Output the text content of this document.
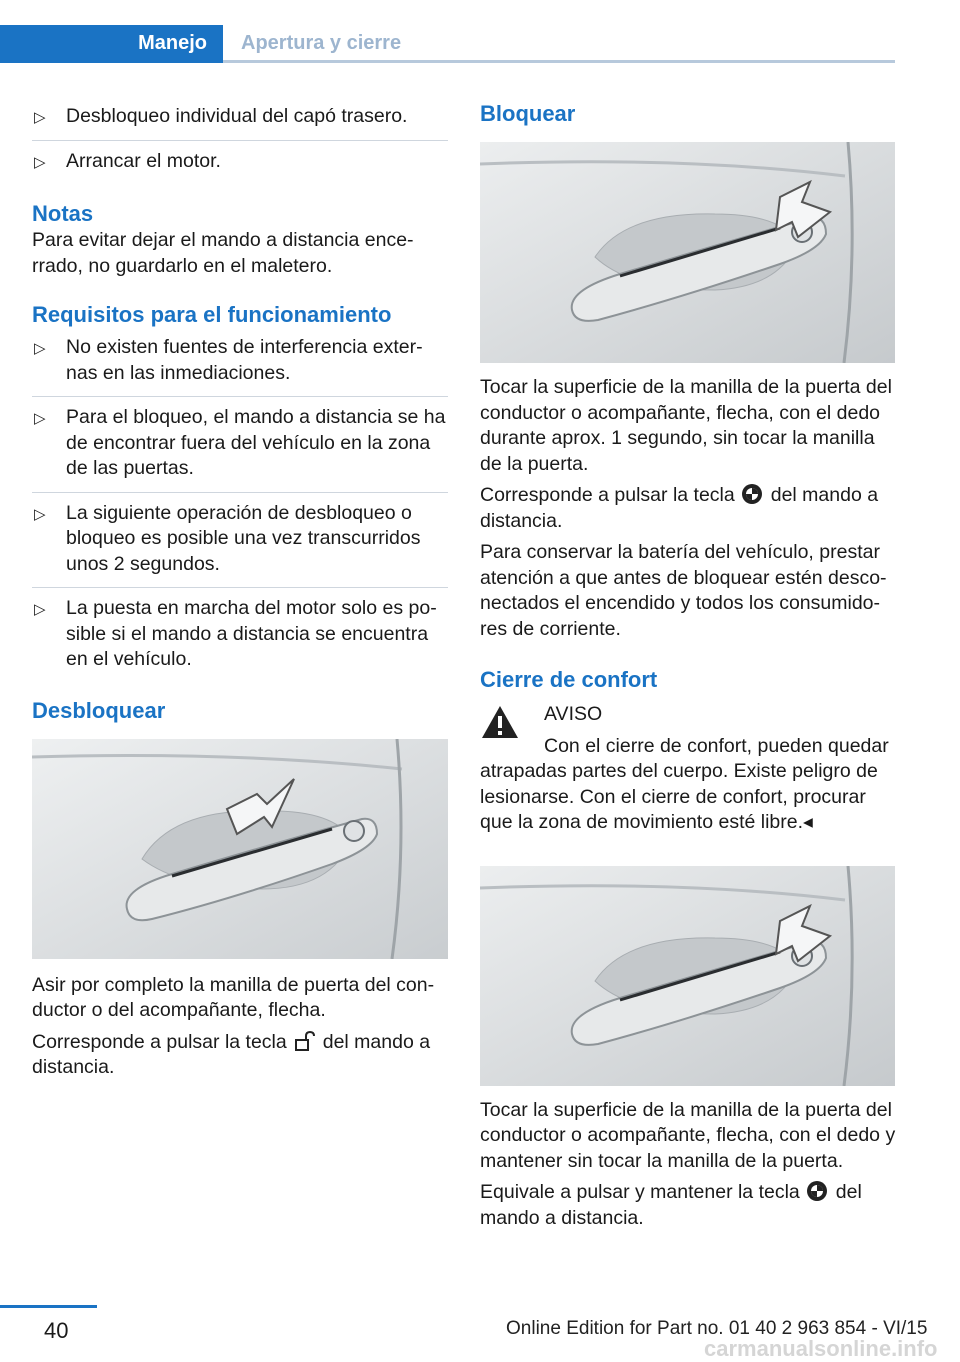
Manejo	Apertura y cierre
▷ Desbloqueo individual del capó trasero.
▷ Arrancar el motor.
Notas

Para evitar dejar el mando a distancia ence-rrado, no guardarlo en el maletero.

Requisitos para el funcionamiento
▷ No existen fuentes de interferencia exter-nas en las inmediaciones.
▷ Para el bloqueo, el mando a distancia se ha de encontrar fuera del vehículo en la zona de las puertas.
▷ La siguiente operación de desbloqueo o bloqueo es posible una vez transcurridos unos 2 segundos.
▷ La puesta en marcha del motor solo es po-sible si el mando a distancia se encuentra en el vehículo.
Desbloquear

Asir por completo la manilla de puerta del con-ductor o del acompañante, flecha.

Corresponde a pulsar la tecla del mando a distancia.

Bloquear

Tocar la superficie de la manilla de la puerta del conductor o acompañante, flecha, con el dedo durante aprox. 1 segundo, sin tocar la manilla de la puerta.

Corresponde a pulsar la tecla del mando a distancia.

Para conservar la batería del vehículo, prestar atención a que antes de bloquear estén desco-nectados el encendido y todos los consumido-res de corriente.

Cierre de confort

AVISO

Con el cierre de confort, pueden quedar atrapadas partes del cuerpo. Existe peligro de lesionarse. Con el cierre de confort, procurar que la zona de movimiento esté libre.◂

Tocar la superficie de la manilla de la puerta del conductor o acompañante, flecha, con el dedo y mantener sin tocar la manilla de la puerta.

Equivale a pulsar y mantener la tecla del mando a distancia.

40	Online Edition for Part no. 01 40 2 963 854 - VI/15
carmanualsonline.info
